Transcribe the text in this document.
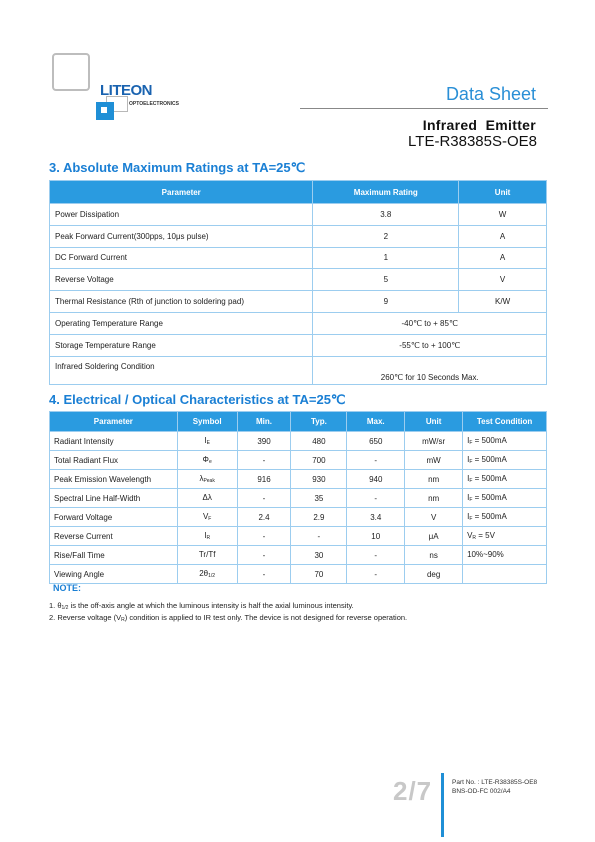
LITEON
OPTOELECTRONICS	Data Sheet
Infrared  Emitter
LTE-R38385S-OE8
3. Absolute Maximum Ratings at TA=25℃
Parameter	Maximum Rating	Unit
Power Dissipation	3.8	W
Peak Forward Current(300pps, 10μs pulse)	2	A
DC Forward Current	1	A
Reverse Voltage	5	V
Thermal Resistance (Rth of junction to soldering pad)	9	K/W
Operating Temperature Range	-40℃ to + 85℃	
Storage Temperature Range	-55℃ to + 100℃	
Infrared Soldering Condition	260℃ for 10 Seconds Max.	
4. Electrical / Optical Characteristics at TA=25℃
Parameter	Symbol	Min.	Typ.	Max.	Unit	Test Condition
Radiant Intensity	$I_E$	390	480	650	mW/sr	$I_F = 500mA$
Total Radiant Flux	$\Phi_e$	-	700	-	mW	$I_F = 500mA$
Peak Emission Wavelength	$\lambda_{Peak}$	916	930	940	nm	$I_F = 500mA$
Spectral Line Half-Width	Δλ	-	35	-	nm	$I_F = 500mA$
Forward Voltage	$V_F$	2.4	2.9	3.4	V	$I_F = 500mA$
Reverse Current	$I_R$	-	-	10	μA	$V_R = 5V$
Rise/Fall Time	Tr/Tf	-	30	-	ns	10%~90%
Viewing Angle	$2\theta_{1/2}$	-	70	-	deg	
NOTE:
1. $\theta_{1/2}$ is the off-axis angle at which the luminous intensity is half the axial luminous intensity.
2. Reverse voltage $(V_R)$ condition is applied to IR test only. The device is not designed for reverse operation.
2/7	Part No. : LTE-R38385S-OE8
BNS-OD-FC 002/A4
